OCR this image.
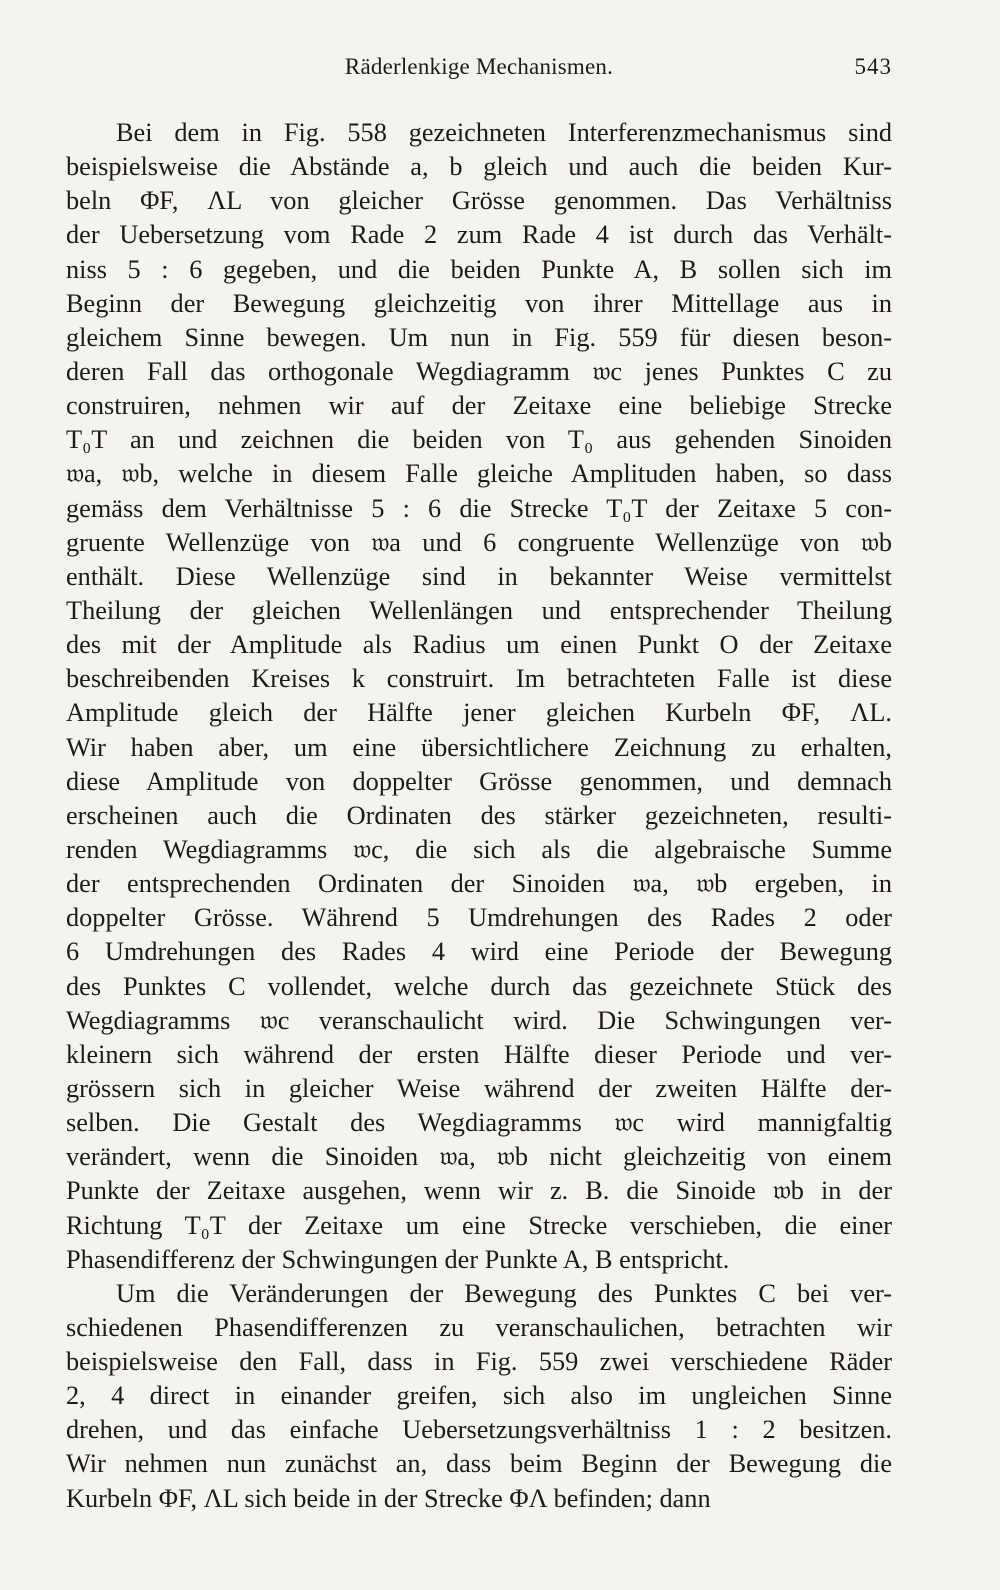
Räderlenkige Mechanismen.	543
Bei dem in Fig. 558 gezeichneten Interferenzmechanismus sind
beispielsweise die Abstände a, b gleich und auch die beiden Kur-
beln ΦF, ΛL von gleicher Grösse genommen. Das Verhältniss
der Uebersetzung vom Rade 2 zum Rade 4 ist durch das Verhält-
niss 5 : 6 gegeben, und die beiden Punkte A, B sollen sich im
Beginn der Bewegung gleichzeitig von ihrer Mittellage aus in
gleichem Sinne bewegen. Um nun in Fig. 559 für diesen beson-
deren Fall das orthogonale Wegdiagramm 𝔴c jenes Punktes C zu
construiren, nehmen wir auf der Zeitaxe eine beliebige Strecke
T₀T an und zeichnen die beiden von T₀ aus gehenden Sinoiden
𝔴a, 𝔴b, welche in diesem Falle gleiche Amplituden haben, so dass
gemäss dem Verhältnisse 5 : 6 die Strecke T₀T der Zeitaxe 5 con-
gruente Wellenzüge von 𝔴a und 6 congruente Wellenzüge von 𝔴b
enthält. Diese Wellenzüge sind in bekannter Weise vermittelst
Theilung der gleichen Wellenlängen und entsprechender Theilung
des mit der Amplitude als Radius um einen Punkt O der Zeitaxe
beschreibenden Kreises k construirt. Im betrachteten Falle ist diese
Amplitude gleich der Hälfte jener gleichen Kurbeln ΦF, ΛL.
Wir haben aber, um eine übersichtlichere Zeichnung zu erhalten,
diese Amplitude von doppelter Grösse genommen, und demnach
erscheinen auch die Ordinaten des stärker gezeichneten, resulti-
renden Wegdiagramms 𝔴c, die sich als die algebraische Summe
der entsprechenden Ordinaten der Sinoiden 𝔴a, 𝔴b ergeben, in
doppelter Grösse. Während 5 Umdrehungen des Rades 2 oder
6 Umdrehungen des Rades 4 wird eine Periode der Bewegung
des Punktes C vollendet, welche durch das gezeichnete Stück des
Wegdiagramms 𝔴c veranschaulicht wird. Die Schwingungen ver-
kleinern sich während der ersten Hälfte dieser Periode und ver-
grössern sich in gleicher Weise während der zweiten Hälfte der-
selben. Die Gestalt des Wegdiagramms 𝔴c wird mannigfaltig
verändert, wenn die Sinoiden 𝔴a, 𝔴b nicht gleichzeitig von einem
Punkte der Zeitaxe ausgehen, wenn wir z. B. die Sinoide 𝔴b in der
Richtung T₀T der Zeitaxe um eine Strecke verschieben, die einer
Phasendifferenz der Schwingungen der Punkte A, B entspricht.
Um die Veränderungen der Bewegung des Punktes C bei ver-
schiedenen Phasendifferenzen zu veranschaulichen, betrachten wir
beispielsweise den Fall, dass in Fig. 559 zwei verschiedene Räder
2, 4 direct in einander greifen, sich also im ungleichen Sinne
drehen, und das einfache Uebersetzungsverhältniss 1 : 2 besitzen.
Wir nehmen nun zunächst an, dass beim Beginn der Bewegung die
Kurbeln ΦF, ΛL sich beide in der Strecke ΦΛ befinden; dann
